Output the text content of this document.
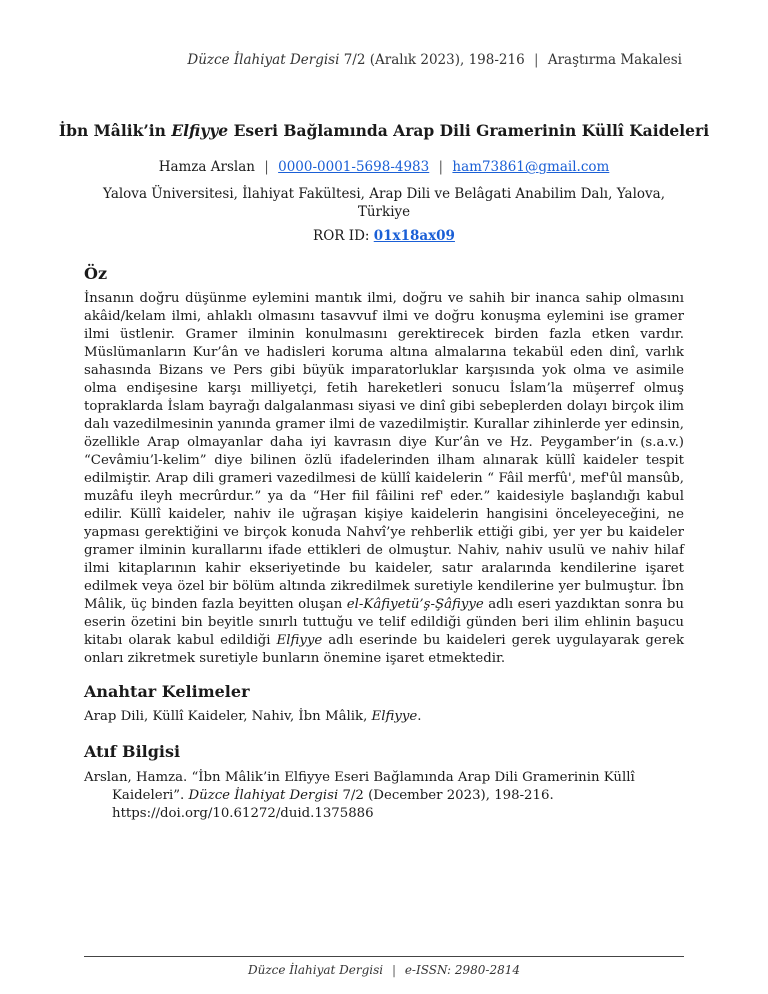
Düzce İlahiyat Dergisi 7/2 (Aralık 2023), 198-216 | Araştırma Makalesi
İbn Mâlik’in Elfiyye Eseri Bağlamında Arap Dili Gramerinin Küllî Kaideleri
Hamza Arslan | 0000-0001-5698-4983 | ham73861@gmail.com
Yalova Üniversitesi, İlahiyat Fakültesi, Arap Dili ve Belâgati Anabilim Dalı, Yalova, Türkiye
ROR ID: 01x18ax09
Öz
İnsanın doğru düşünme eylemini mantık ilmi, doğru ve sahih bir inanca sahip olmasını akâid/kelam ilmi, ahlaklı olmasını tasavvuf ilmi ve doğru konuşma eylemini ise gramer ilmi üstlenir. Gramer ilminin konulmasını gerektirecek birden fazla etken vardır. Müslümanların Kur’ân ve hadisleri koruma altına almalarına tekabül eden dinî, varlık sahasında Bizans ve Pers gibi büyük imparatorluklar karşısında yok olma ve asimile olma endişesine karşı milliyetçi, fetih hareketleri sonucu İslam’la müşerref olmuş topraklarda İslam bayrağı dalgalanması siyasi ve dinî gibi sebeplerden dolayı birçok ilim dalı vazedilmesinin yanında gramer ilmi de vazedilmiştir. Kurallar zihinlerde yer edinsin, özellikle Arap olmayanlar daha iyi kavrasın diye Kur’ân ve Hz. Peygamber’in (s.a.v.) “Cevâmiu’l-kelim” diye bilinen özlü ifadelerinden ilham alınarak küllî kaideler tespit edilmiştir. Arap dili grameri vazedilmesi de küllî kaidelerin “ Fâil merfû', mef'ûl mansûb, muzâfu ileyh mecrûrdur.” ya da “Her fiil fâilini ref' eder.” kaidesiyle başlandığı kabul edilir. Küllî kaideler, nahiv ile uğraşan kişiye kaidelerin hangisini önceleyeceğini, ne yapması gerektiğini ve birçok konuda Nahvî’ye rehberlik ettiği gibi, yer yer bu kaideler gramer ilminin kurallarını ifade ettikleri de olmuştur. Nahiv, nahiv usulü ve nahiv hilaf ilmi kitaplarının kahir ekseriyetinde bu kaideler, satır aralarında kendilerine işaret edilmek veya özel bir bölüm altında zikredilmek suretiyle kendilerine yer bulmuştur. İbn Mâlik, üç binden fazla beyitten oluşan el-Kâfiyetü’ş-Şâfiyye adlı eseri yazdıktan sonra bu eserin özetini bin beyitle sınırlı tuttuğu ve telif edildiği günden beri ilim ehlinin başucu kitabı olarak kabul edildiği Elfiyye adlı eserinde bu kaideleri gerek uygulayarak gerek onları zikretmek suretiyle bunların önemine işaret etmektedir.
Anahtar Kelimeler
Arap Dili, Küllî Kaideler, Nahiv, İbn Mâlik, Elfiyye.
Atıf Bilgisi
Arslan, Hamza. “İbn Mâlik’in Elfiyye Eseri Bağlamında Arap Dili Gramerinin Küllî
Kaideleri”. Düzce İlahiyat Dergisi 7/2 (December 2023), 198-216.
https://doi.org/10.61272/duid.1375886
Düzce İlahiyat Dergisi | e-ISSN: 2980-2814
